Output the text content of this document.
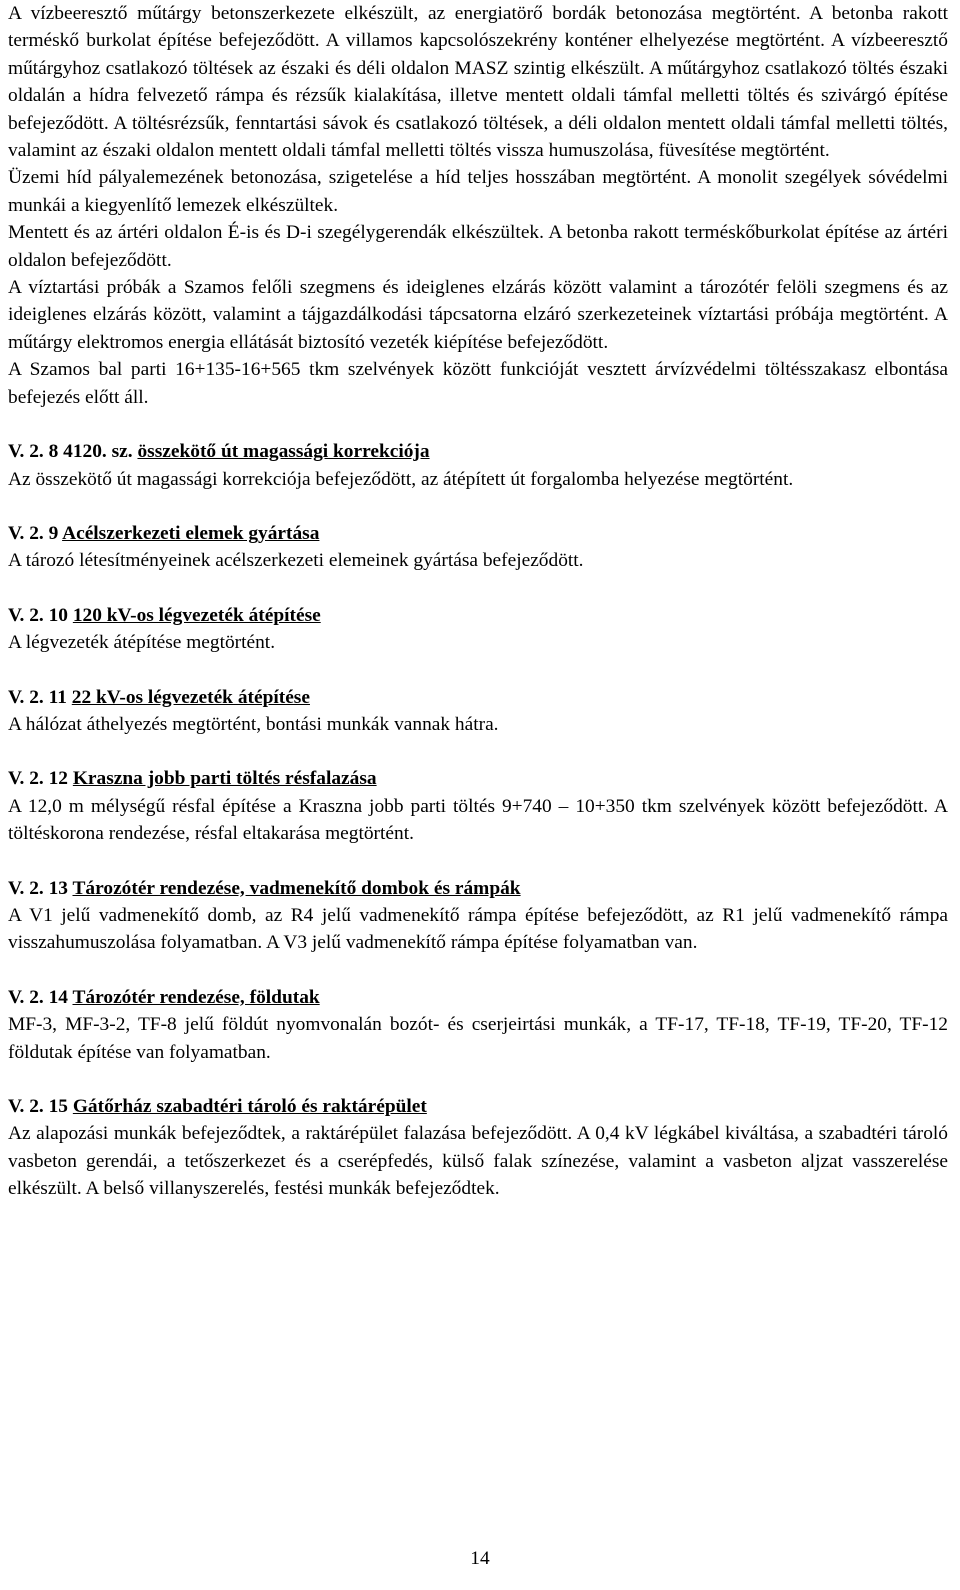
A vízbeeresztő műtárgy betonszerkezete elkészült, az energiatörő bordák betonozása megtörtént. A betonba rakott terméskő burkolat építése befejeződött. A villamos kapcsolószekrény konténer elhelyezése megtörtént. A vízbeeresztő műtárgyhoz csatlakozó töltések az északi és déli oldalon MASZ szintig elkészült. A műtárgyhoz csatlakozó töltés északi oldalán a hídra felvezető rámpa és rézsűk kialakítása, illetve mentett oldali támfal melletti töltés és szivárgó építése befejeződött. A töltésrézsűk, fenntartási sávok és csatlakozó töltések, a déli oldalon mentett oldali támfal melletti töltés, valamint az északi oldalon mentett oldali támfal melletti töltés vissza humuszolása, füvesítése megtörtént.

Üzemi híd pályalemezének betonozása, szigetelése a híd teljes hosszában megtörtént. A monolit szegélyek sóvédelmi munkái a kiegyenlítő lemezek elkészültek.

Mentett és az ártéri oldalon É-is és D-i szegélygerendák elkészültek. A betonba rakott terméskőburkolat építése az ártéri oldalon befejeződött.

A víztartási próbák a Szamos felőli szegmens és ideiglenes elzárás között valamint a tározótér felöli szegmens és az ideiglenes elzárás között, valamint a tájgazdálkodási tápcsatorna elzáró szerkezeteinek víztartási próbája megtörtént. A műtárgy elektromos energia ellátását biztosító vezeték kiépítése befejeződött.

A Szamos bal parti 16+135-16+565 tkm szelvények között funkcióját vesztett árvízvédelmi töltésszakasz elbontása befejezés előtt áll.

V. 2. 8 4120. sz. összekötő út magassági korrekciója

Az összekötő út magassági korrekciója befejeződött, az átépített út forgalomba helyezése megtörtént.

V. 2. 9 Acélszerkezeti elemek gyártása

A tározó létesítményeinek acélszerkezeti elemeinek gyártása befejeződött.

V. 2. 10 120 kV-os légvezeték átépítése

A légvezeték átépítése megtörtént.

V. 2. 11 22 kV-os légvezeték átépítése

A hálózat áthelyezés megtörtént, bontási munkák vannak hátra.

V. 2. 12 Kraszna jobb parti töltés résfalazása

A 12,0 m mélységű résfal építése a Kraszna jobb parti töltés 9+740 – 10+350 tkm szelvények között befejeződött. A töltéskorona rendezése, résfal eltakarása megtörtént.

V. 2. 13 Tározótér rendezése, vadmenekítő dombok és rámpák

A V1 jelű vadmenekítő domb, az R4 jelű vadmenekítő rámpa építése befejeződött, az R1 jelű vadmenekítő rámpa visszahumuszolása folyamatban. A V3 jelű vadmenekítő rámpa építése folyamatban van.

V. 2. 14 Tározótér rendezése, földutak

MF-3, MF-3-2, TF-8 jelű földút nyomvonalán bozót- és cserjeirtási munkák, a TF-17, TF-18, TF-19, TF-20, TF-12 földutak építése van folyamatban.

V. 2. 15 Gátőrház szabadtéri tároló és raktárépület

Az alapozási munkák befejeződtek, a raktárépület falazása befejeződött. A 0,4 kV légkábel kiváltása, a szabadtéri tároló vasbeton gerendái, a tetőszerkezet és a cserépfedés, külső falak színezése, valamint a vasbeton aljzat vasszerelése elkészült. A belső villanyszerelés, festési munkák befejeződtek.

14
